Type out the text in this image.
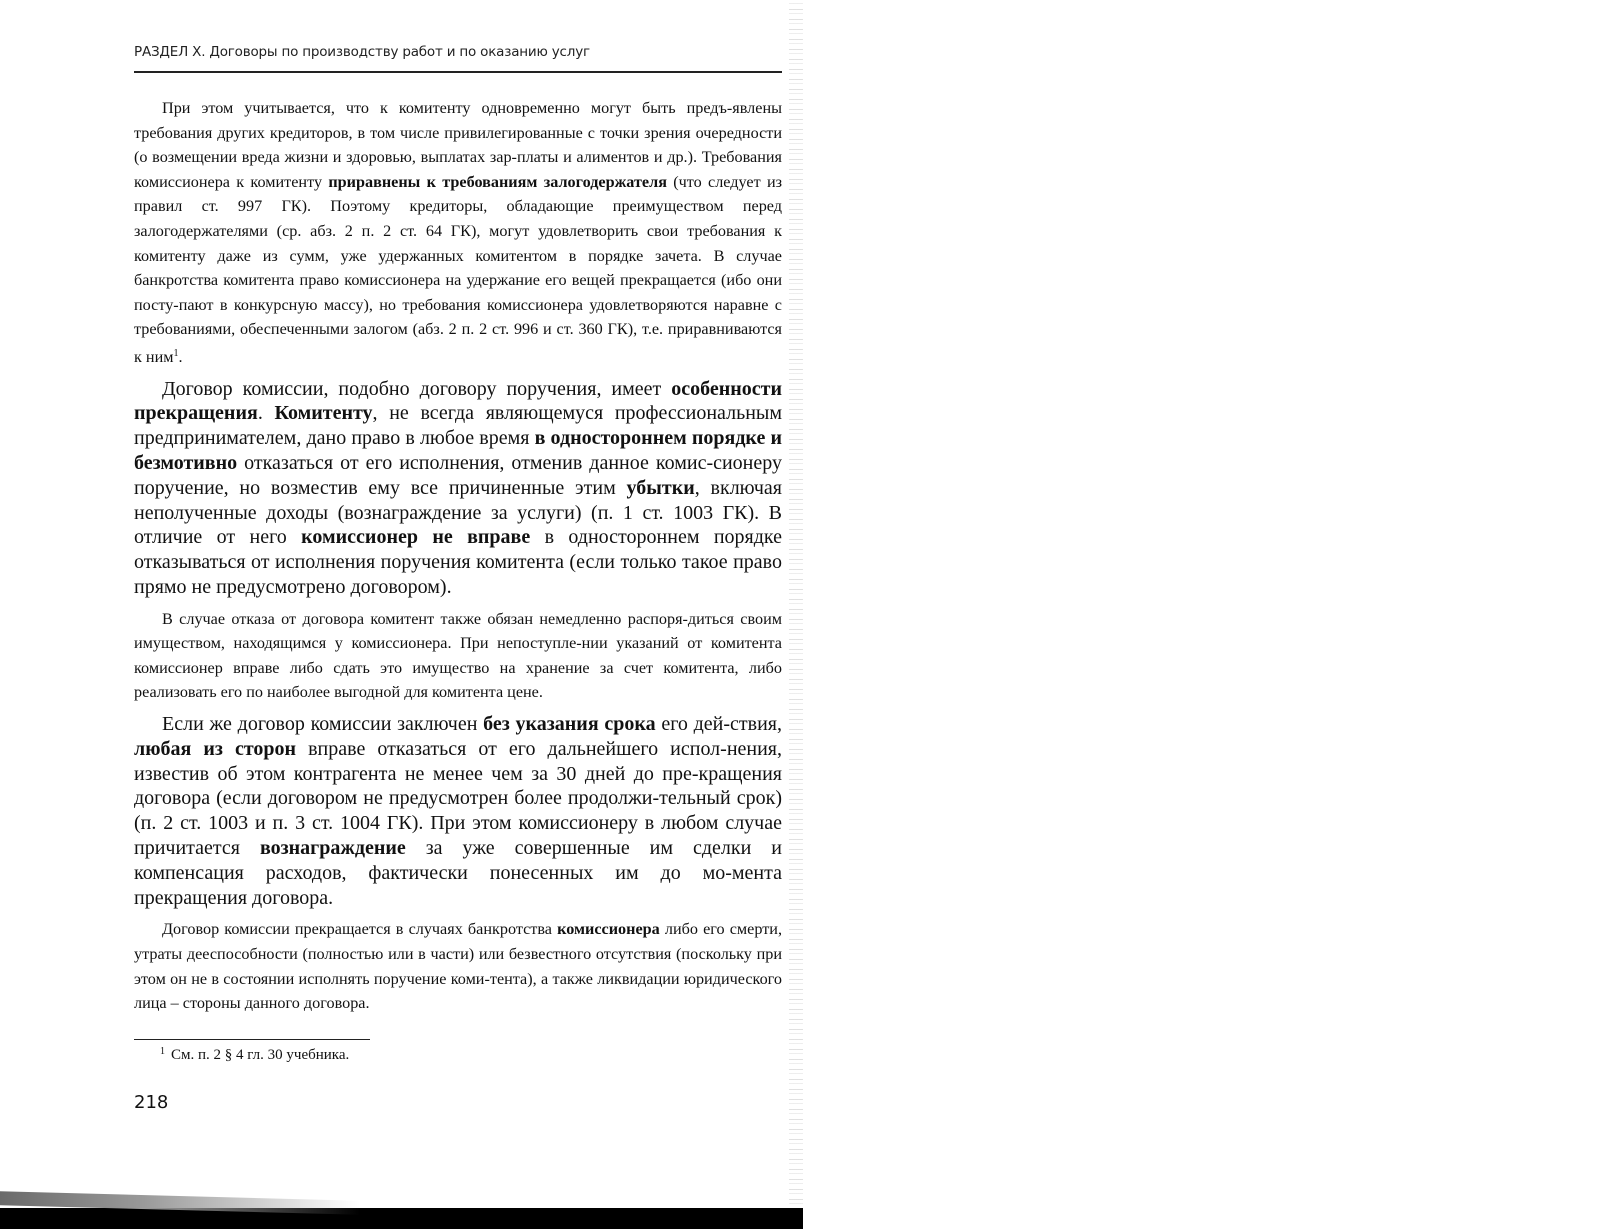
РАЗДЕЛ X. Договоры по производству работ и по оказанию услуг

При этом учитывается, что к комитенту одновременно могут быть предъ-явлены требования других кредиторов, в том числе привилегированные с точки зрения очередности (о возмещении вреда жизни и здоровью, выплатах зар-платы и алиментов и др.). Требования комиссионера к комитенту приравнены к требованиям залогодержателя (что следует из правил ст. 997 ГК). Поэтому кредиторы, обладающие преимуществом перед залогодержателями (ср. абз. 2 п. 2 ст. 64 ГК), могут удовлетворить свои требования к комитенту даже из сумм, уже удержанных комитентом в порядке зачета. В случае банкротства комитента право комиссионера на удержание его вещей прекращается (ибо они посту-пают в конкурсную массу), но требования комиссионера удовлетворяются наравне с требованиями, обеспеченными залогом (абз. 2 п. 2 ст. 996 и ст. 360 ГК), т.е. приравниваются к ним$^1$.

Договор комиссии, подобно договору поручения, имеет особенности прекращения. Комитенту, не всегда являющемуся профессиональным предпринимателем, дано право в любое время в одностороннем порядке и безмотивно отказаться от его исполнения, отменив данное комис-сионеру поручение, но возместив ему все причиненные этим убытки, включая неполученные доходы (вознаграждение за услуги) (п. 1 ст. 1003 ГК). В отличие от него комиссионер не вправе в одностороннем порядке отказываться от исполнения поручения комитента (если только такое право прямо не предусмотрено договором).

В случае отказа от договора комитент также обязан немедленно распоря-диться своим имуществом, находящимся у комиссионера. При непоступле-нии указаний от комитента комиссионер вправе либо сдать это имущество на хранение за счет комитента, либо реализовать его по наиболее выгодной для комитента цене.

Если же договор комиссии заключен без указания срока его дей-ствия, любая из сторон вправе отказаться от его дальнейшего испол-нения, известив об этом контрагента не менее чем за 30 дней до пре-кращения договора (если договором не предусмотрен более продолжи-тельный срок) (п. 2 ст. 1003 и п. 3 ст. 1004 ГК). При этом комиссионеру в любом случае причитается вознаграждение за уже совершенные им сделки и компенсация расходов, фактически понесенных им до мо-мента прекращения договора.

Договор комиссии прекращается в случаях банкротства комиссионера либо его смерти, утраты дееспособности (полностью или в части) или безвестного отсутствия (поскольку при этом он не в состоянии исполнять поручение коми-тента), а также ликвидации юридического лица – стороны данного договора.

$^1$ См. п. 2 § 4 гл. 30 учебника.
218
